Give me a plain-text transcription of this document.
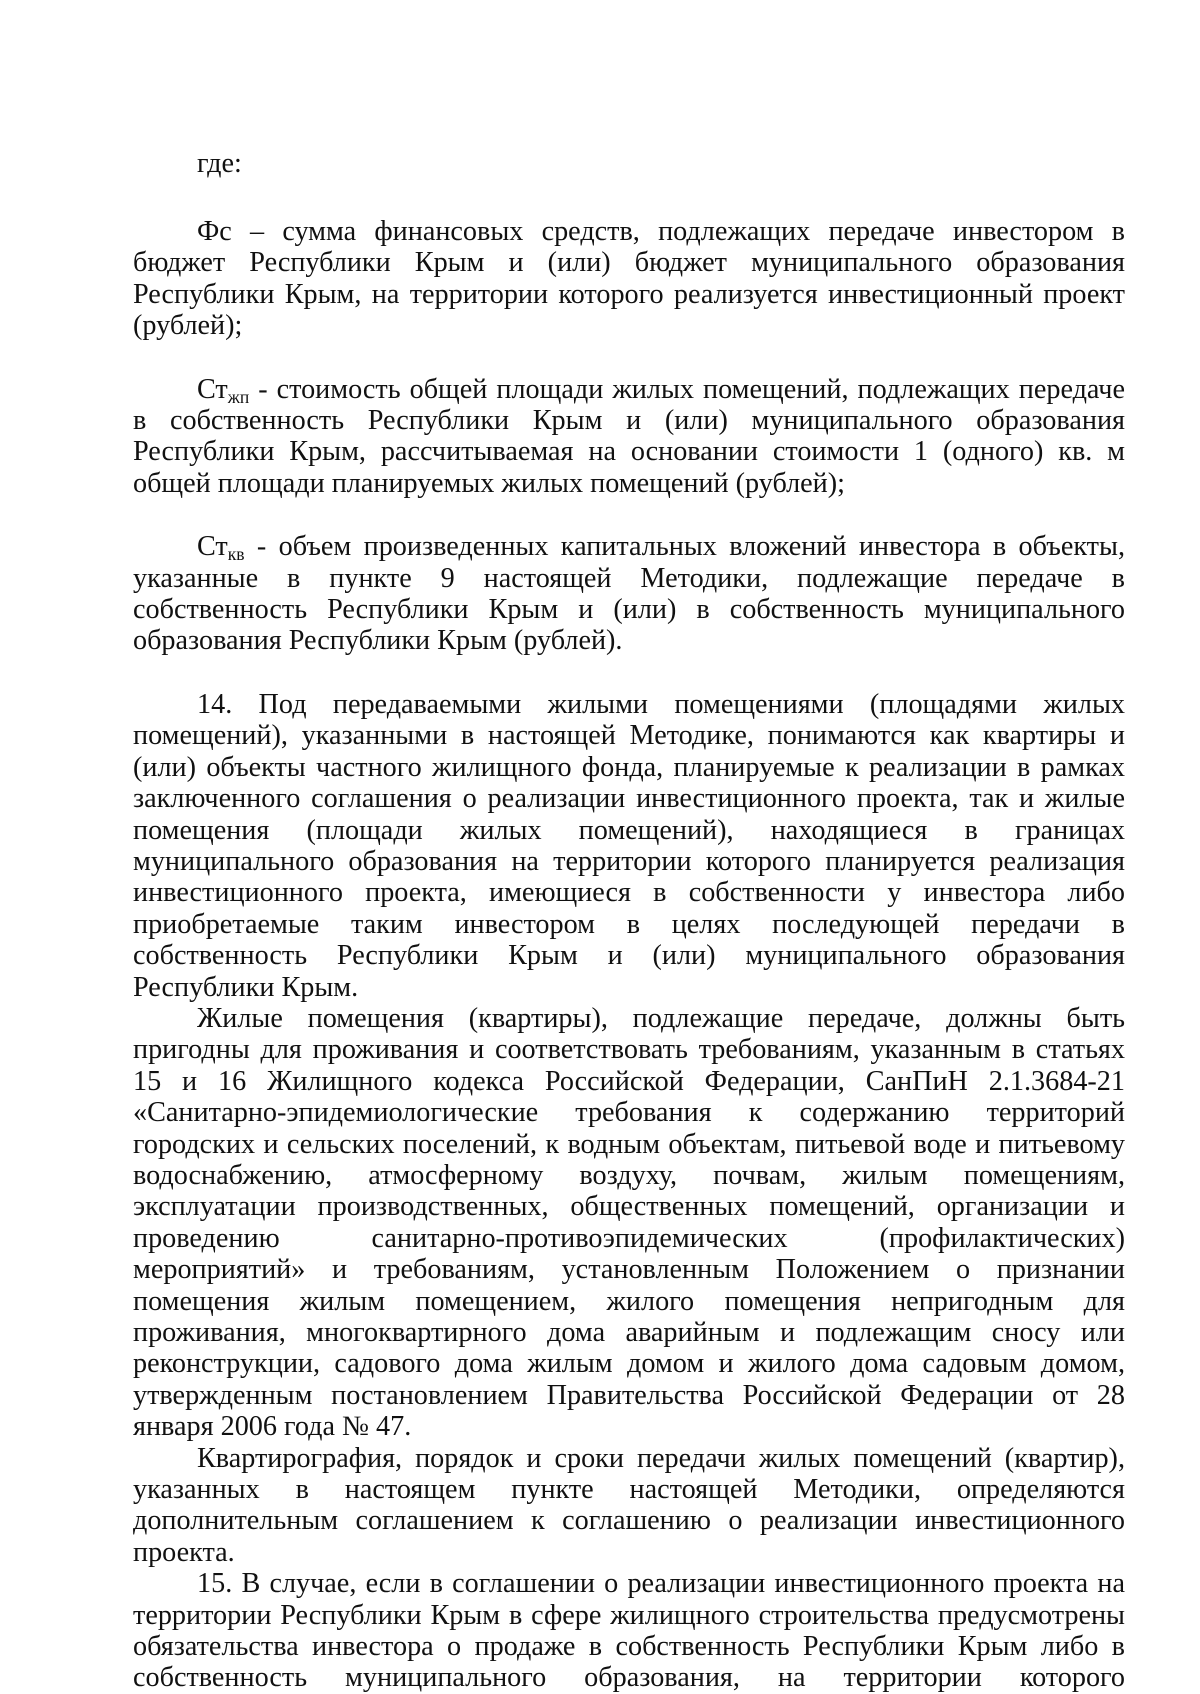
где:

Фс – сумма финансовых средств, подлежащих передаче инвестором в бюджет Республики Крым и (или) бюджет муниципального образования Республики Крым, на территории которого реализуется инвестиционный проект (рублей);

$Ст_{жп}$ - стоимость общей площади жилых помещений, подлежащих передаче в собственность Республики Крым и (или) муниципального образования Республики Крым, рассчитываемая на основании стоимости 1 (одного) кв. м общей площади планируемых жилых помещений (рублей);

$Ст_{кв}$ - объем произведенных капитальных вложений инвестора в объекты, указанные в пункте 9 настоящей Методики, подлежащие передаче в собственность Республики Крым и (или) в собственность муниципального образования Республики Крым (рублей).

14. Под передаваемыми жилыми помещениями (площадями жилых помещений), указанными в настоящей Методике, понимаются как квартиры и (или) объекты частного жилищного фонда, планируемые к реализации в рамках заключенного соглашения о реализации инвестиционного проекта, так и жилые помещения (площади жилых помещений), находящиеся в границах муниципального образования на территории которого планируется реализация инвестиционного проекта, имеющиеся в собственности у инвестора либо приобретаемые таким инвестором в целях последующей передачи в собственность Республики Крым и (или) муниципального образования Республики Крым.

Жилые помещения (квартиры), подлежащие передаче, должны быть пригодны для проживания и соответствовать требованиям, указанным в статьях 15 и 16 Жилищного кодекса Российской Федерации, СанПиН 2.1.3684-21 «Санитарно-эпидемиологические требования к содержанию территорий городских и сельских поселений, к водным объектам, питьевой воде и питьевому водоснабжению, атмосферному воздуху, почвам, жилым помещениям, эксплуатации производственных, общественных помещений, организации и проведению санитарно-противоэпидемических (профилактических) мероприятий» и требованиям, установленным Положением о признании помещения жилым помещением, жилого помещения непригодным для проживания, многоквартирного дома аварийным и подлежащим сносу или реконструкции, садового дома жилым домом и жилого дома садовым домом, утвержденным постановлением Правительства Российской Федерации от 28 января 2006 года № 47.

Квартирография, порядок и сроки передачи жилых помещений (квартир), указанных в настоящем пункте настоящей Методики, определяются дополнительным соглашением к соглашению о реализации инвестиционного проекта.

15. В случае, если в соглашении о реализации инвестиционного проекта на территории Республики Крым в сфере жилищного строительства предусмотрены обязательства инвестора о продаже в собственность Республики Крым либо в собственность муниципального образования, на территории которого
